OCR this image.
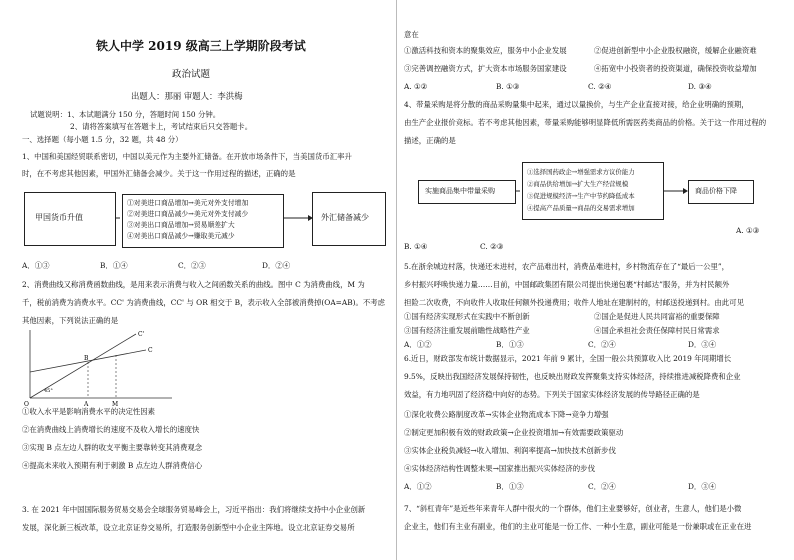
铁人中学 2019 级高三上学期阶段考试
政治试题
出题人：那丽 审题人：李洪梅
试题说明：1、本试题满分 150 分，答题时间 150 分钟。
2、请将答案填写在答题卡上，考试结束后只交答题卡。
一、选择题（每小题 1.5 分，32 题，共 48 分）
1、中国和美国经贸联系密切，中国以美元作为主要外汇储备。在开放市场条件下，当美国货币汇率升
时，在不考虑其他因素，甲国外汇储备会减少。关于这一作用过程的描述，正确的是
甲国货币升值
①对美进口商品增加→美元对外支付增加
②对美进口商品减少→美元对外支付减少
③对美出口商品增加→贸易顺差扩大
④对美出口商品减少→赚取美元减少
外汇储备减少
A．①③	B．①④	C．②③	D．②④
2、消费曲线又称消费函数曲线，是用来表示消费与收入之间函数关系的曲线。图中 C 为消费曲线，M 为
千，税前消费为消费水平。CC' 为消费曲线，CC' 与 OR 相交于 B，表示收入全部被消费掉(OA=AB)。不考虑
其他因素，下列说法正确的是
C'
C
B
45°
A	M
O
①收入水平是影响消费水平的决定性因素
②在消费曲线上消费增长的速度不及收入增长的速度快
③实现 B 点左边人群的收支平衡主要靠转变其消费观念
④提高未来收入预期有利于刺激 B 点左边人群消费信心
3. 在 2021 年中国国际服务贸易交易会全球服务贸易峰会上，习近平指出：我们将继续支持中小企业创新
发展，深化新三板改革，设立北京证券交易所，打造服务创新型中小企业主阵地。设立北京证券交易所
意在
①激活科技和资本的聚集效应，服务中小企业发展	②促进创新型中小企业股权融资，缓解企业融资难
③完善调控融资方式，扩大资本市场服务国家建设	④拓宽中小投资者的投资渠道，确保投资收益增加
A. ①②	B. ①③	C. ②④	D. ③④
4、带量采购是将分散的商品采购量集中起来，通过以量换价，与生产企业直接对接，给企业明确的预期，
由生产企业报价竞标。若不考虑其他因素，带量采购能够明显降低所需医药类商品的价格。关于这一作用过程的
描述，正确的是
实施商品集中带量采购
①选择国药政企→增强需求方议价能力
②商品供给增加→扩大生产经营规模
③促进规模经济→生产中节约降低成本
④提高产品质量→商品的交易需求增加
商品价格下降
A. ①③
B. ①④	C. ②③
5.在浙余城边村落，快递还未进村，农产品难出村，消费品难进村，乡村物流存在了“最后一公里”，
乡村振兴呼唤快递力量……目前，中国邮政集团有限公司提出快递包裹“村邮达”服务，并为村民额外
担险二次收费，不向收件人收取任何额外投递费用；收件人地址在建制村的，村邮送投递到村。由此可见
①国有经济实现形式在实践中不断创新	②国企是促进人民共同富裕的重要保障
③国有经济注重发展前瞻性战略性产业	④国企承担社会责任保障村民日常需求
A．①②	B．①③	C．②④	D．③④
6.近日，财政部发布统计数据显示，2021 年前 9 累计，全国一般公共预算收入比 2019 年同期增长
9.5%，反映出我国经济发展保持韧性，也反映出财政发挥聚集支持实体经济，持续推进减税降费和企业
效益，有力地巩固了经济稳中向好的态势。下列关于国家实体经济发展的传导路径正确的是
①深化收费公路制度改革→实体企业物流成本下降→竞争力增强
②制定更加积极有效的财政政策→企业投资增加→有效需要政策驱动
③实体企业税负减轻→收入增加、利润率提高→加快技术创新步伐
④实体经济结构性调整未果→国家推出振兴实体经济的步伐
A．①②	B．①③	C．②④	D．③④
7、“斜杠青年”是近些年来青年人群中很火的一个群体，他们主业要够好，创业者，生意人，他们是小微
企业主，他们有主业有副业，他们的主业可能是一份工作、一种小生意，副业可能是一份兼职或在正业在进
